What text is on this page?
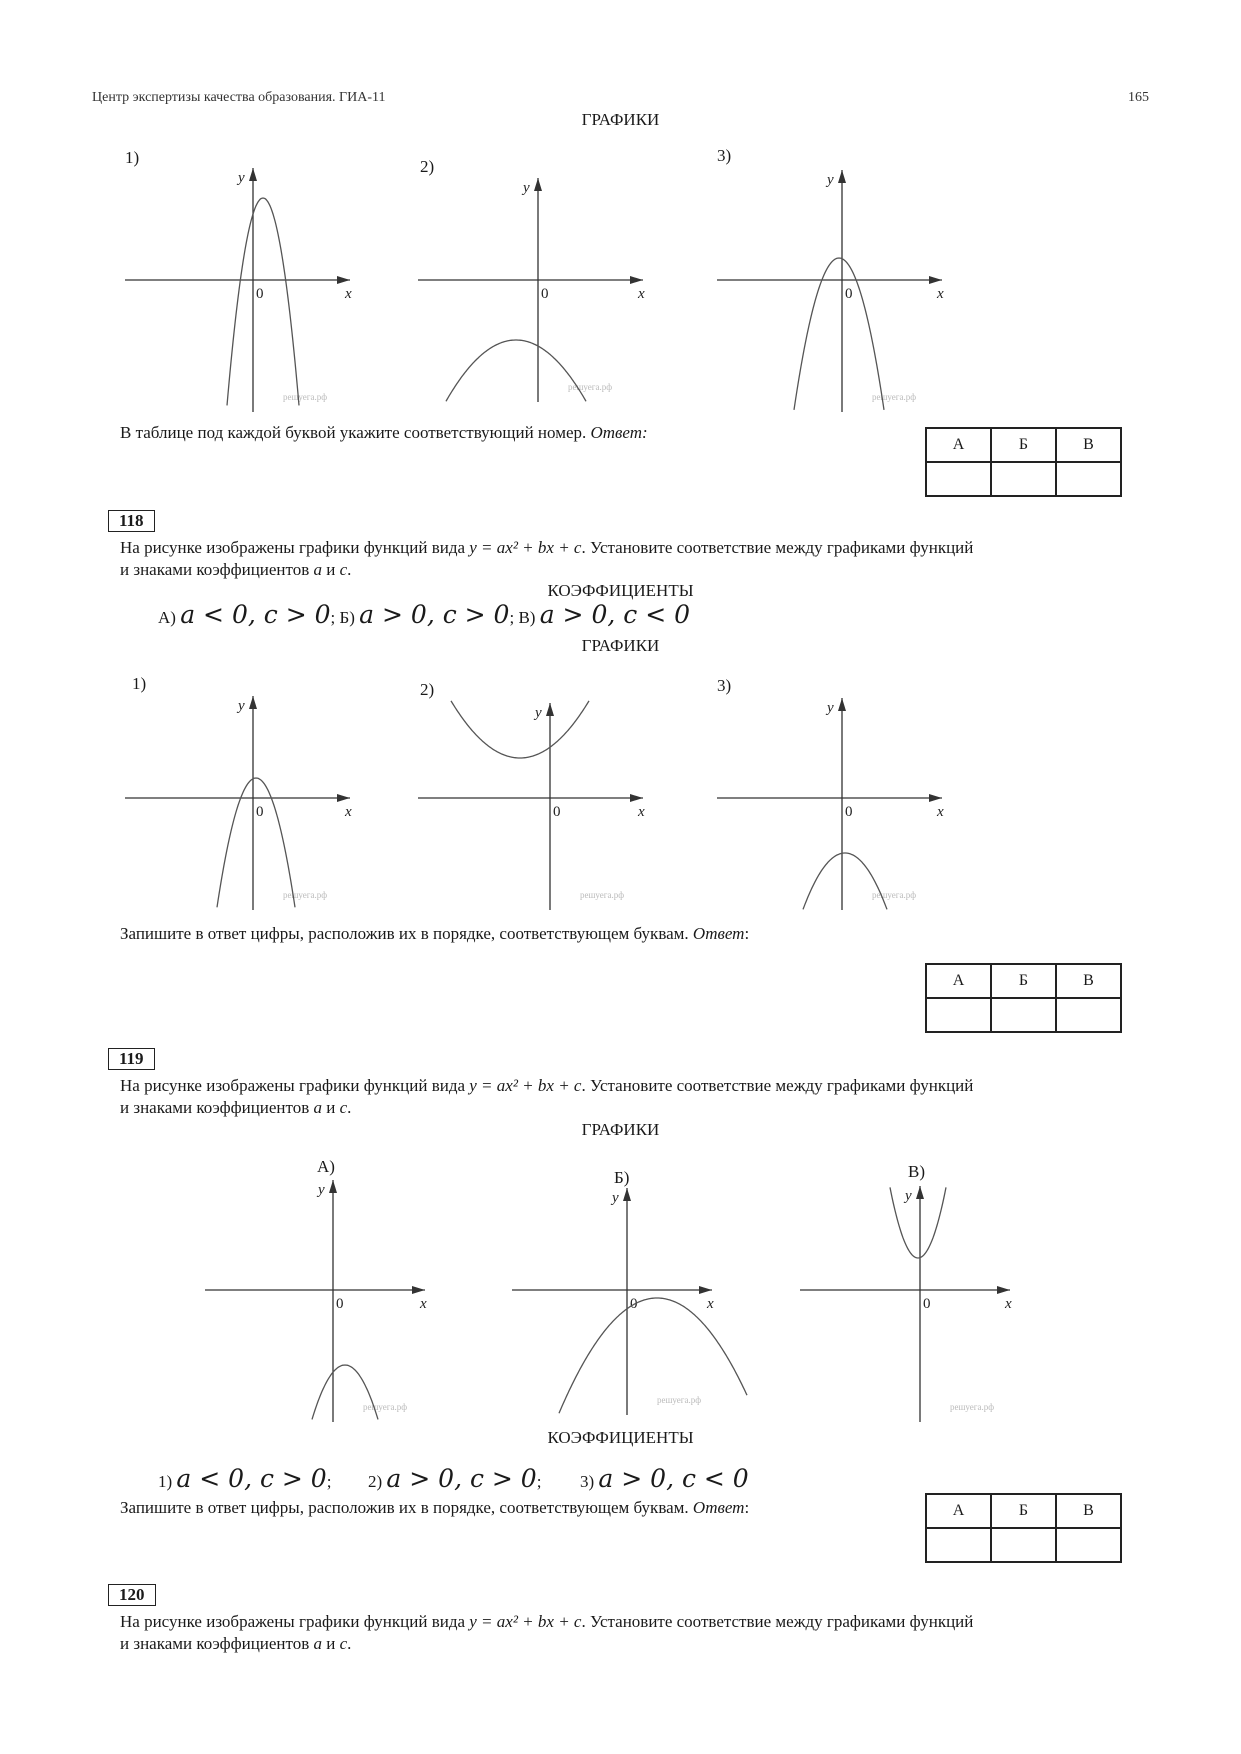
Центр экспертизы качества образования. ГИА-11	165
ГРАФИКИ
1)	2)
3)
x
y
0
решуега.рф
x
y
0
решуега.рф
x
y
0
решуега.рф
В таблице под каждой буквой укажите соответствующий номер. Ответ:
А	Б	В

118
На рисунке изображены графики функций вида y = ax² + bx + c. Установите соответствие между графиками функций
и знаками коэффициентов a и c.
КОЭФФИЦИЕНТЫ
А) a < 0, c > 0; Б) a > 0, c > 0; В) a > 0, c < 0
ГРАФИКИ
1)	2)	3)
x
y
0
решуега.рф
x
y
0
решуега.рф
x
y
0
решуега.рф
Запишите в ответ цифры, расположив их в порядке, соответствующем буквам. Ответ:
А	Б	В

119
На рисунке изображены графики функций вида y = ax² + bx + c. Установите соответствие между графиками функций
и знаками коэффициентов a и c.
ГРАФИКИ
А)
Б)	В)
x
y
0
решуега.рф
x
y
0
решуега.рф
x
y
0
решуега.рф
КОЭФФИЦИЕНТЫ
1) a < 0, c > 0; 2) a > 0, c > 0; 3) a > 0, c < 0
Запишите в ответ цифры, расположив их в порядке, соответствующем буквам. Ответ:	А	Б	В

120
На рисунке изображены графики функций вида y = ax² + bx + c. Установите соответствие между графиками функций
и знаками коэффициентов a и c.
